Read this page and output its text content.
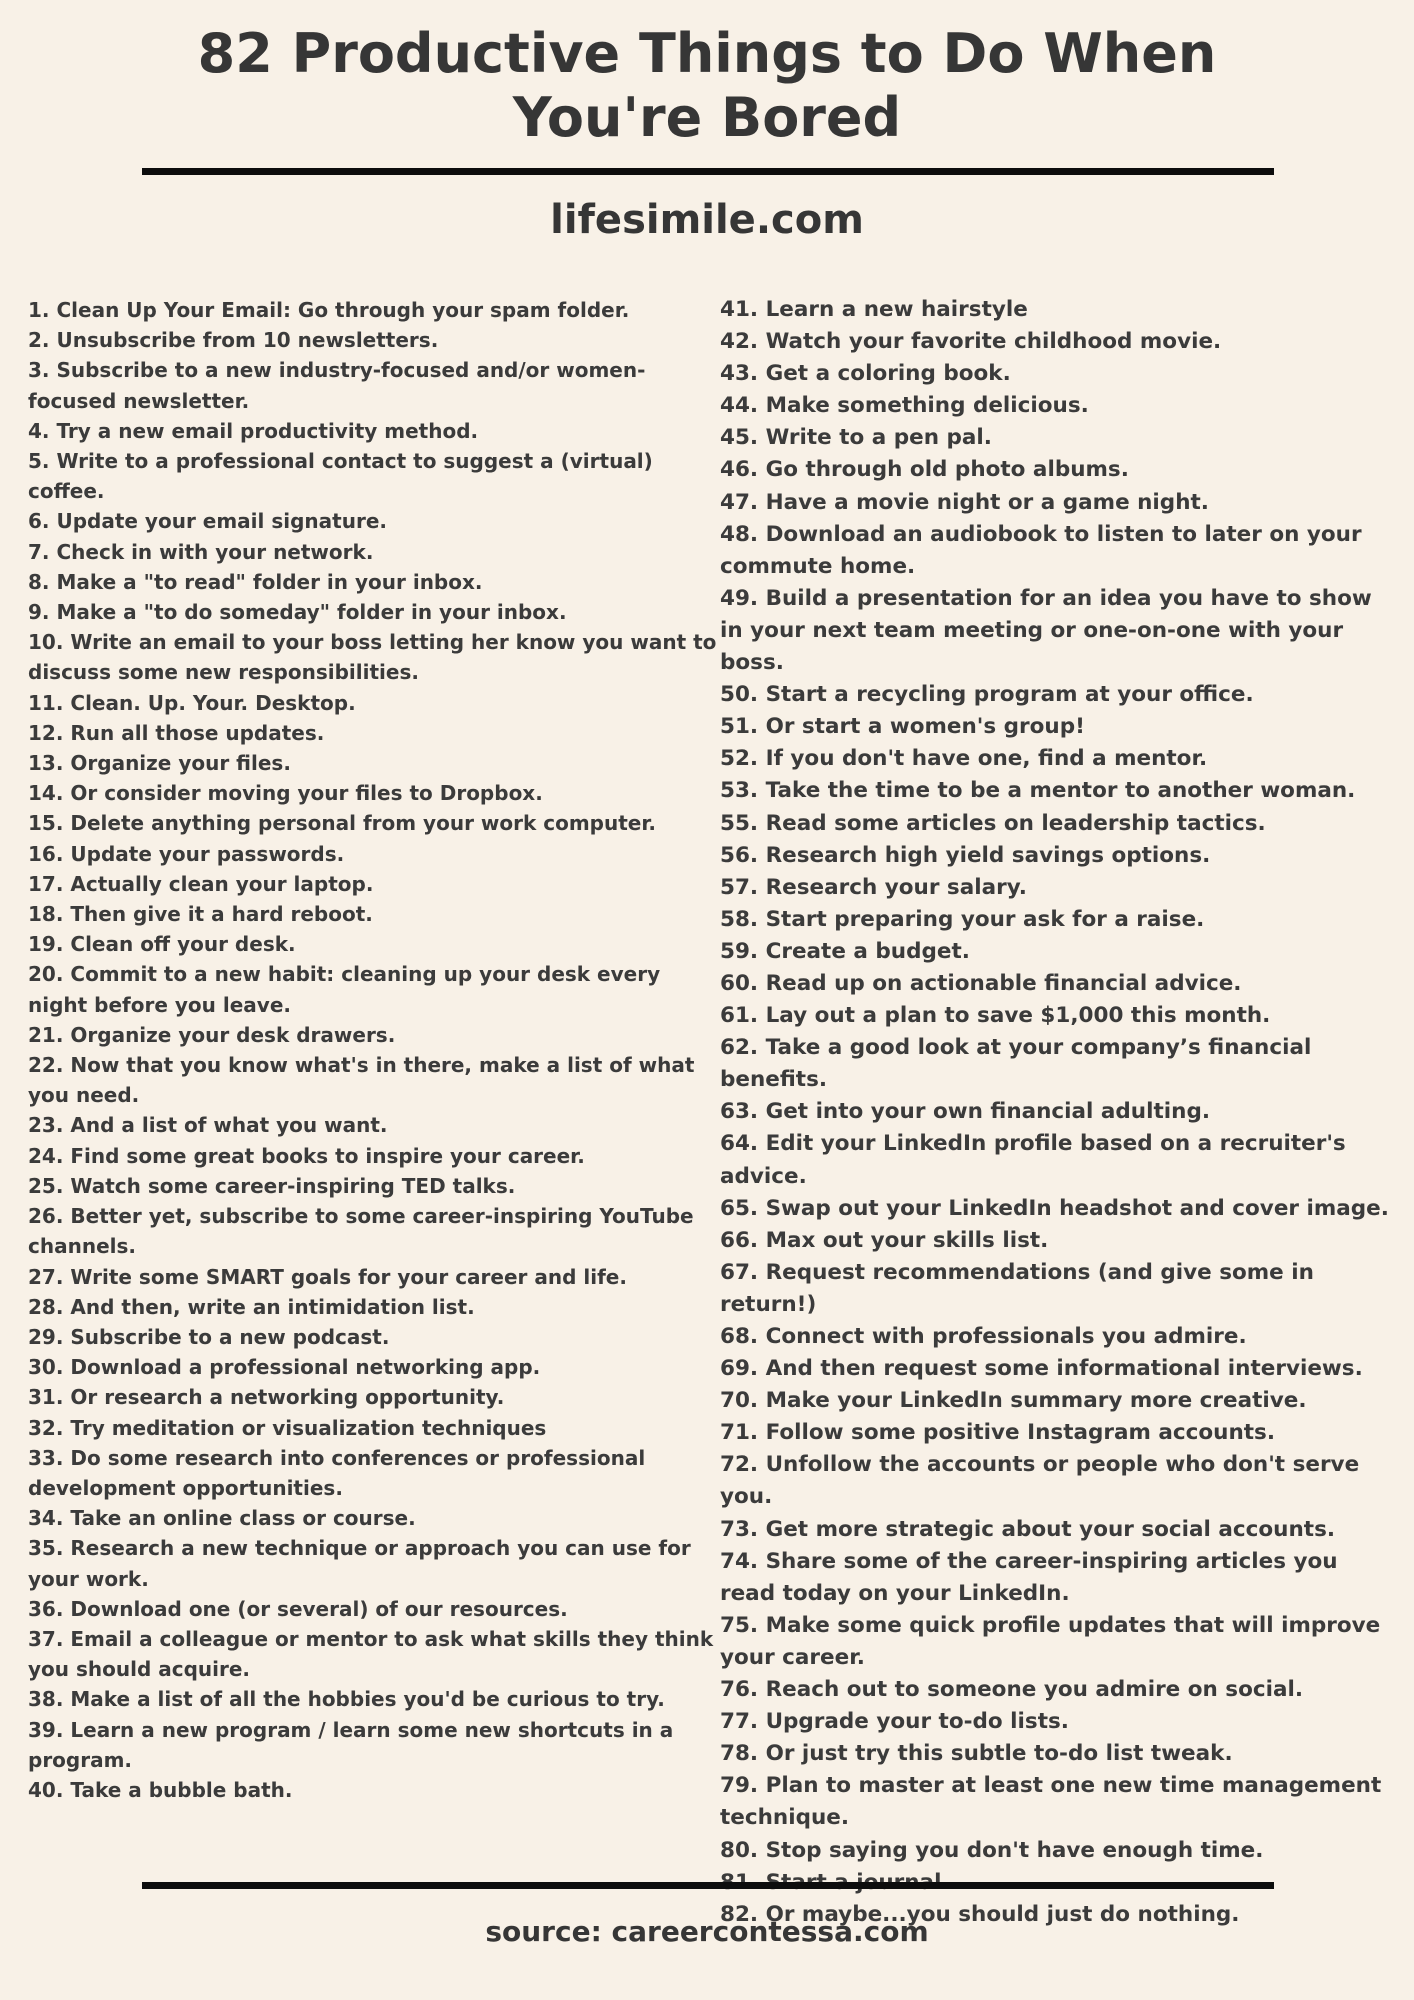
82 Productive Things to Do When
You're Bored
lifesimile.com
1. Clean Up Your Email: Go through your spam folder.
2. Unsubscribe from 10 newsletters.
3. Subscribe to a new industry-focused and/or women-focused newsletter.
4. Try a new email productivity method.
5. Write to a professional contact to suggest a (virtual) coffee.
6. Update your email signature.
7. Check in with your network.
8. Make a "to read" folder in your inbox.
9. Make a "to do someday" folder in your inbox.
10. Write an email to your boss letting her know you want to discuss some new responsibilities.
11. Clean. Up. Your. Desktop.
12. Run all those updates.
13. Organize your files.
14. Or consider moving your files to Dropbox.
15. Delete anything personal from your work computer.
16. Update your passwords.
17. Actually clean your laptop.
18. Then give it a hard reboot.
19. Clean off your desk.
20. Commit to a new habit: cleaning up your desk every night before you leave.
21. Organize your desk drawers.
22. Now that you know what's in there, make a list of what you need.
23. And a list of what you want.
24. Find some great books to inspire your career.
25. Watch some career-inspiring TED talks.
26. Better yet, subscribe to some career-inspiring YouTube channels.
27. Write some SMART goals for your career and life.
28. And then, write an intimidation list.
29. Subscribe to a new podcast.
30. Download a professional networking app.
31. Or research a networking opportunity.
32. Try meditation or visualization techniques
33. Do some research into conferences or professional development opportunities.
34. Take an online class or course.
35. Research a new technique or approach you can use for your work.
36. Download one (or several) of our resources.
37. Email a colleague or mentor to ask what skills they think you should acquire.
38. Make a list of all the hobbies you'd be curious to try.
39. Learn a new program / learn some new shortcuts in a program.
40. Take a bubble bath.
41. Learn a new hairstyle
42. Watch your favorite childhood movie.
43. Get a coloring book.
44. Make something delicious.
45. Write to a pen pal.
46. Go through old photo albums.
47. Have a movie night or a game night.
48. Download an audiobook to listen to later on your commute home.
49. Build a presentation for an idea you have to show in your next team meeting or one-on-one with your boss.
50. Start a recycling program at your office.
51. Or start a women's group!
52. If you don't have one, find a mentor.
53. Take the time to be a mentor to another woman.
55. Read some articles on leadership tactics.
56. Research high yield savings options.
57. Research your salary.
58. Start preparing your ask for a raise.
59. Create a budget.
60. Read up on actionable financial advice.
61. Lay out a plan to save $1,000 this month.
62. Take a good look at your company’s financial benefits.
63. Get into your own financial adulting.
64. Edit your LinkedIn profile based on a recruiter's advice.
65. Swap out your LinkedIn headshot and cover image.
66. Max out your skills list.
67. Request recommendations (and give some in return!)
68. Connect with professionals you admire.
69. And then request some informational interviews.
70. Make your LinkedIn summary more creative.
71. Follow some positive Instagram accounts.
72. Unfollow the accounts or people who don't serve you.
73. Get more strategic about your social accounts.
74. Share some of the career-inspiring articles you read today on your LinkedIn.
75. Make some quick profile updates that will improve your career.
76. Reach out to someone you admire on social.
77. Upgrade your to-do lists.
78. Or just try this subtle to-do list tweak.
79. Plan to master at least one new time management technique.
80. Stop saying you don't have enough time.
82. Or maybe...you should just do nothing.
source: careercontessa.com
